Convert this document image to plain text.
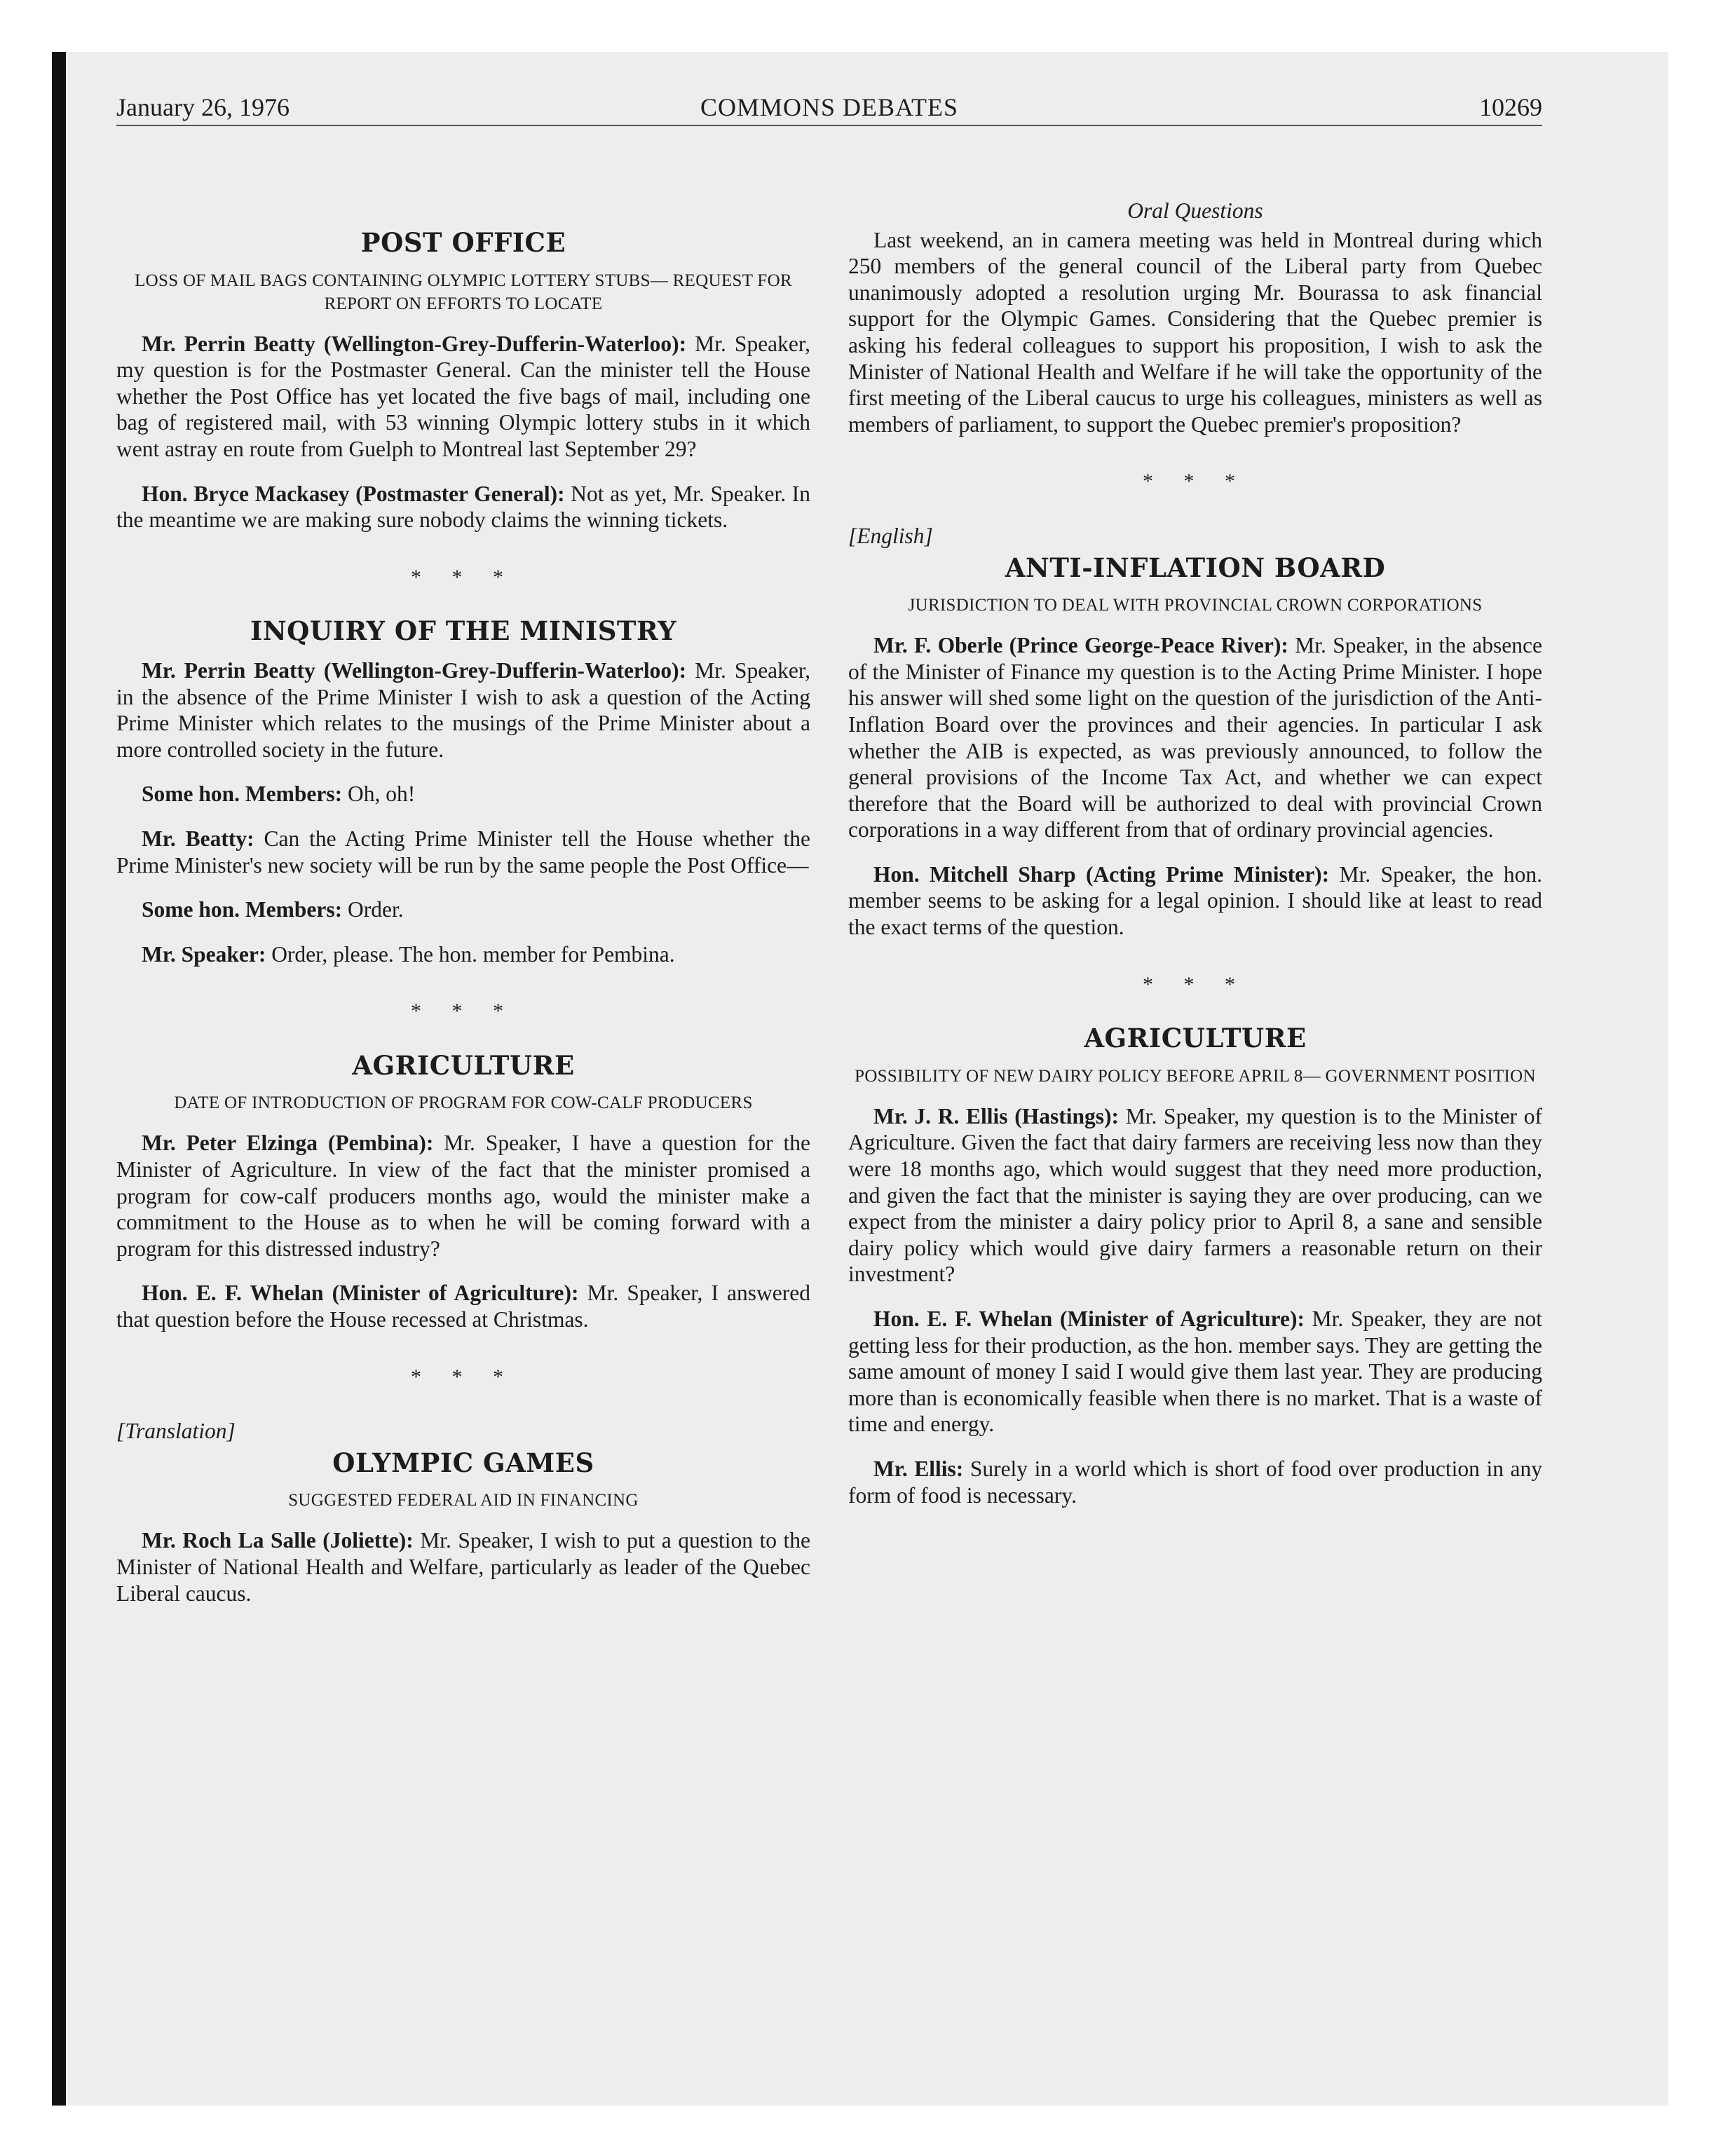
January 26, 1976	COMMONS DEBATES	10269
POST OFFICE
LOSS OF MAIL BAGS CONTAINING OLYMPIC LOTTERY STUBS— REQUEST FOR REPORT ON EFFORTS TO LOCATE

Mr. Perrin Beatty (Wellington-Grey-Dufferin-Waterloo): Mr. Speaker, my question is for the Postmaster General. Can the minister tell the House whether the Post Office has yet located the five bags of mail, including one bag of registered mail, with 53 winning Olympic lottery stubs in it which went astray en route from Guelph to Montreal last September 29?

Hon. Bryce Mackasey (Postmaster General): Not as yet, Mr. Speaker. In the meantime we are making sure nobody claims the winning tickets.

* * *
INQUIRY OF THE MINISTRY

Mr. Perrin Beatty (Wellington-Grey-Dufferin-Waterloo): Mr. Speaker, in the absence of the Prime Minister I wish to ask a question of the Acting Prime Minister which relates to the musings of the Prime Minister about a more controlled society in the future.

Some hon. Members: Oh, oh!

Mr. Beatty: Can the Acting Prime Minister tell the House whether the Prime Minister's new society will be run by the same people the Post Office—

Some hon. Members: Order.

Mr. Speaker: Order, please. The hon. member for Pembina.

* * *
AGRICULTURE
DATE OF INTRODUCTION OF PROGRAM FOR COW-CALF PRODUCERS

Mr. Peter Elzinga (Pembina): Mr. Speaker, I have a question for the Minister of Agriculture. In view of the fact that the minister promised a program for cow-calf producers months ago, would the minister make a commitment to the House as to when he will be coming forward with a program for this distressed industry?

Hon. E. F. Whelan (Minister of Agriculture): Mr. Speaker, I answered that question before the House recessed at Christmas.

* * *

[Translation]

OLYMPIC GAMES
SUGGESTED FEDERAL AID IN FINANCING

Mr. Roch La Salle (Joliette): Mr. Speaker, I wish to put a question to the Minister of National Health and Welfare, particularly as leader of the Quebec Liberal caucus.

Oral Questions

Last weekend, an in camera meeting was held in Montreal during which 250 members of the general council of the Liberal party from Quebec unanimously adopted a resolution urging Mr. Bourassa to ask financial support for the Olympic Games. Considering that the Quebec premier is asking his federal colleagues to support his proposition, I wish to ask the Minister of National Health and Welfare if he will take the opportunity of the first meeting of the Liberal caucus to urge his colleagues, ministers as well as members of parliament, to support the Quebec premier's proposition?

* * *

[English]

ANTI-INFLATION BOARD
JURISDICTION TO DEAL WITH PROVINCIAL CROWN CORPORATIONS

Mr. F. Oberle (Prince George-Peace River): Mr. Speaker, in the absence of the Minister of Finance my question is to the Acting Prime Minister. I hope his answer will shed some light on the question of the jurisdiction of the Anti-Inflation Board over the provinces and their agencies. In particular I ask whether the AIB is expected, as was previously announced, to follow the general provisions of the Income Tax Act, and whether we can expect therefore that the Board will be authorized to deal with provincial Crown corporations in a way different from that of ordinary provincial agencies.

Hon. Mitchell Sharp (Acting Prime Minister): Mr. Speaker, the hon. member seems to be asking for a legal opinion. I should like at least to read the exact terms of the question.

* * *
AGRICULTURE
POSSIBILITY OF NEW DAIRY POLICY BEFORE APRIL 8— GOVERNMENT POSITION

Mr. J. R. Ellis (Hastings): Mr. Speaker, my question is to the Minister of Agriculture. Given the fact that dairy farmers are receiving less now than they were 18 months ago, which would suggest that they need more production, and given the fact that the minister is saying they are over producing, can we expect from the minister a dairy policy prior to April 8, a sane and sensible dairy policy which would give dairy farmers a reasonable return on their investment?

Hon. E. F. Whelan (Minister of Agriculture): Mr. Speaker, they are not getting less for their production, as the hon. member says. They are getting the same amount of money I said I would give them last year. They are producing more than is economically feasible when there is no market. That is a waste of time and energy.

Mr. Ellis: Surely in a world which is short of food over production in any form of food is necessary.
